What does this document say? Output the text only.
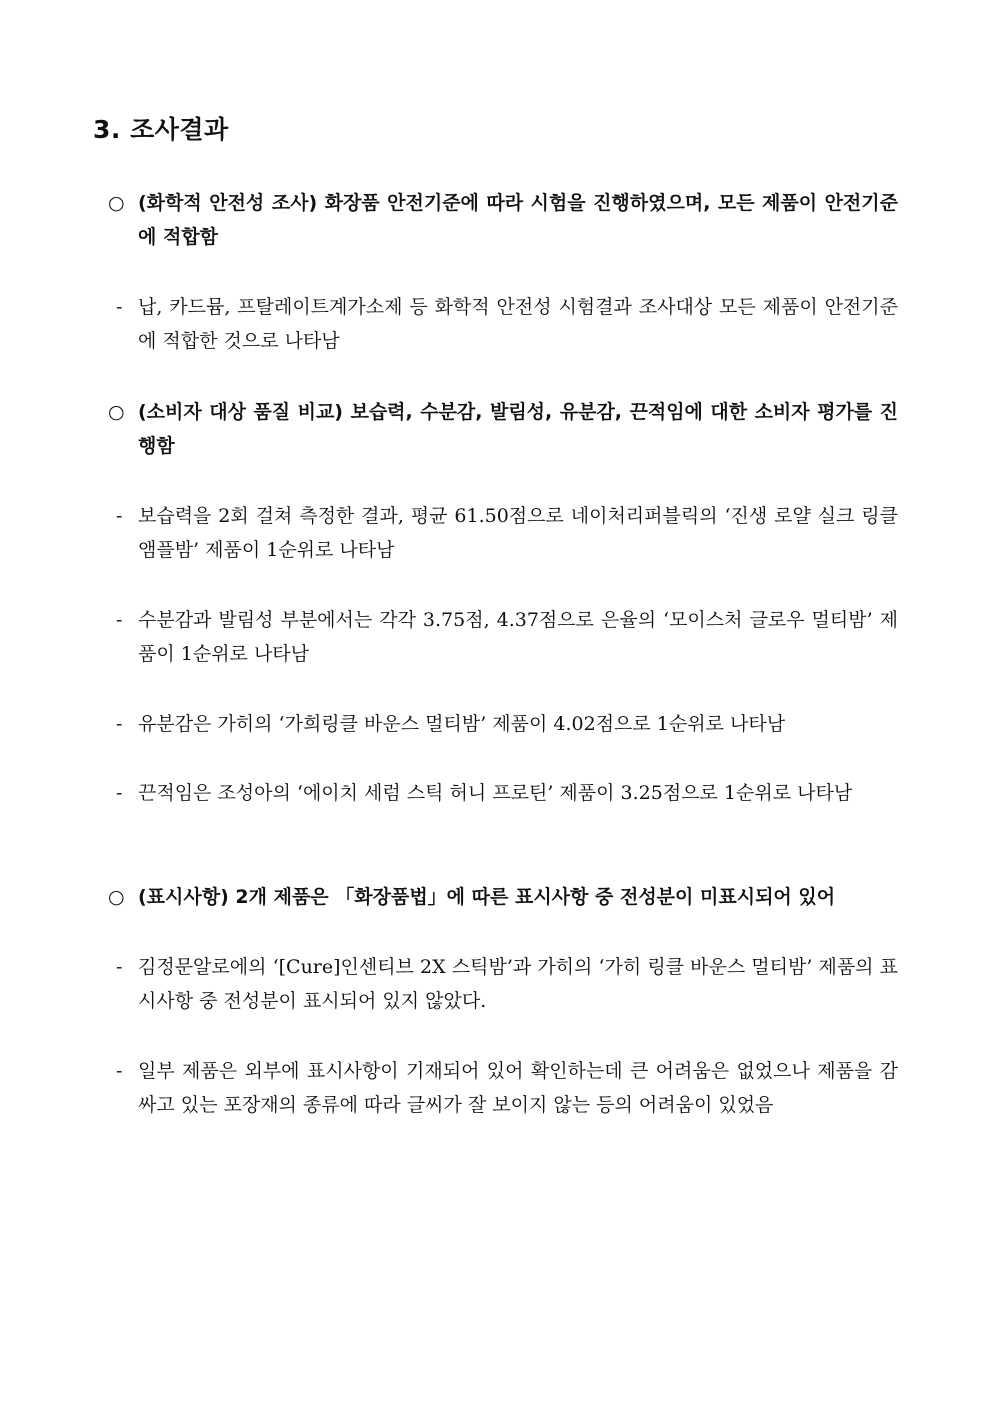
3. 조사결과
○ (화학적 안전성 조사) 화장품 안전기준에 따라 시험을 진행하였으며, 모든 제품이 안전기준에 적합함
- 납, 카드뮴, 프탈레이트계가소제 등 화학적 안전성 시험결과 조사대상 모든 제품이 안전기준에 적합한 것으로 나타남
○ (소비자 대상 품질 비교) 보습력, 수분감, 발림성, 유분감, 끈적임에 대한 소비자 평가를 진행함
- 보습력을 2회 걸쳐 측정한 결과, 평균 61.50점으로 네이처리퍼블릭의 ‘진생 로얄 실크 링클 앰플밤’ 제품이 1순위로 나타남
- 수분감과 발림성 부분에서는 각각 3.75점, 4.37점으로 은율의 ‘모이스처 글로우 멀티밤’ 제품이 1순위로 나타남
- 유분감은 가히의 ‘가희링클 바운스 멀티밤’ 제품이 4.02점으로 1순위로 나타남
- 끈적임은 조성아의 ‘에이치 세럼 스틱 허니 프로틴’ 제품이 3.25점으로 1순위로 나타남
○ (표시사항) 2개 제품은 「화장품법」에 따른 표시사항 중 전성분이 미표시되어 있어
- 김정문알로에의 ‘[Cure]인센티브 2X 스틱밤’과 가히의 ‘가히 링클 바운스 멀티밤’ 제품의 표시사항 중 전성분이 표시되어 있지 않았다.
- 일부 제품은 외부에 표시사항이 기재되어 있어 확인하는데 큰 어려움은 없었으나 제품을 감싸고 있는 포장재의 종류에 따라 글씨가 잘 보이지 않는 등의 어려움이 있었음
